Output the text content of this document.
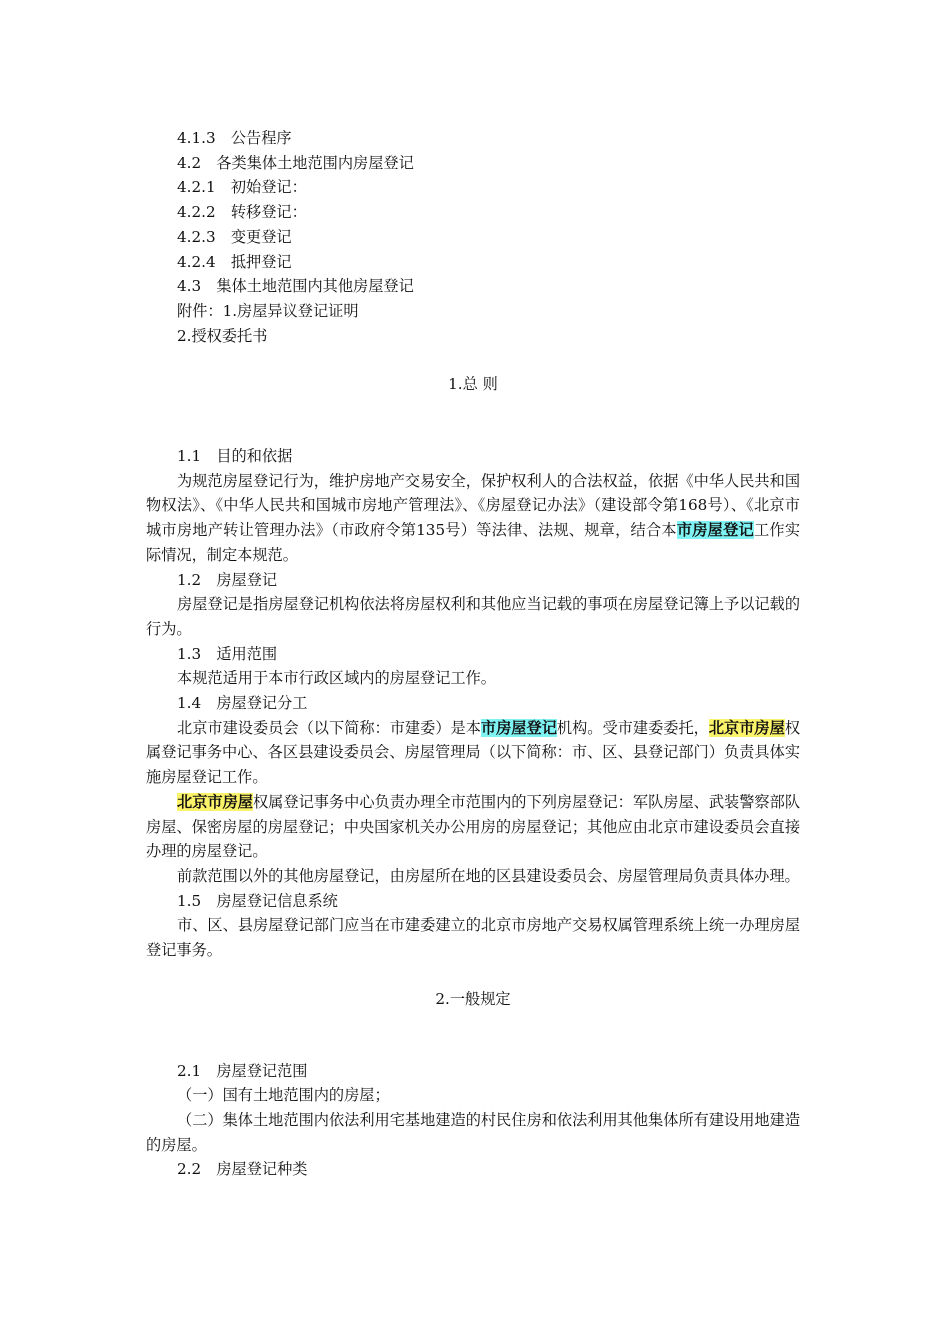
4.1.3　公告程序

4.2　各类集体土地范围内房屋登记

4.2.1　初始登记：

4.2.2　转移登记：

4.2.3　变更登记

4.2.4　抵押登记

4.3　集体土地范围内其他房屋登记

附件：1.房屋异议登记证明

2.授权委托书

1.总 则

1.1　目的和依据

为规范房屋登记行为，维护房地产交易安全，保护权利人的合法权益，依据《中华人民共和国物权法》、《中华人民共和国城市房地产管理法》、《房屋登记办法》（建设部令第168号）、《北京市城市房地产转让管理办法》（市政府令第135号）等法律、法规、规章，结合本市房屋登记工作实际情况，制定本规范。

1.2　房屋登记

房屋登记是指房屋登记机构依法将房屋权利和其他应当记载的事项在房屋登记簿上予以记载的行为。

1.3　适用范围

本规范适用于本市行政区域内的房屋登记工作。

1.4　房屋登记分工

北京市建设委员会（以下简称：市建委）是本市房屋登记机构。受市建委委托，北京市房屋权属登记事务中心、各区县建设委员会、房屋管理局（以下简称：市、区、县登记部门）负责具体实施房屋登记工作。

北京市房屋权属登记事务中心负责办理全市范围内的下列房屋登记：军队房屋、武装警察部队房屋、保密房屋的房屋登记；中央国家机关办公用房的房屋登记；其他应由北京市建设委员会直接办理的房屋登记。

前款范围以外的其他房屋登记，由房屋所在地的区县建设委员会、房屋管理局负责具体办理。

1.5　房屋登记信息系统

市、区、县房屋登记部门应当在市建委建立的北京市房地产交易权属管理系统上统一办理房屋登记事务。

2.一般规定

2.1　房屋登记范围

（一）国有土地范围内的房屋；

（二）集体土地范围内依法利用宅基地建造的村民住房和依法利用其他集体所有建设用地建造的房屋。

2.2　房屋登记种类
